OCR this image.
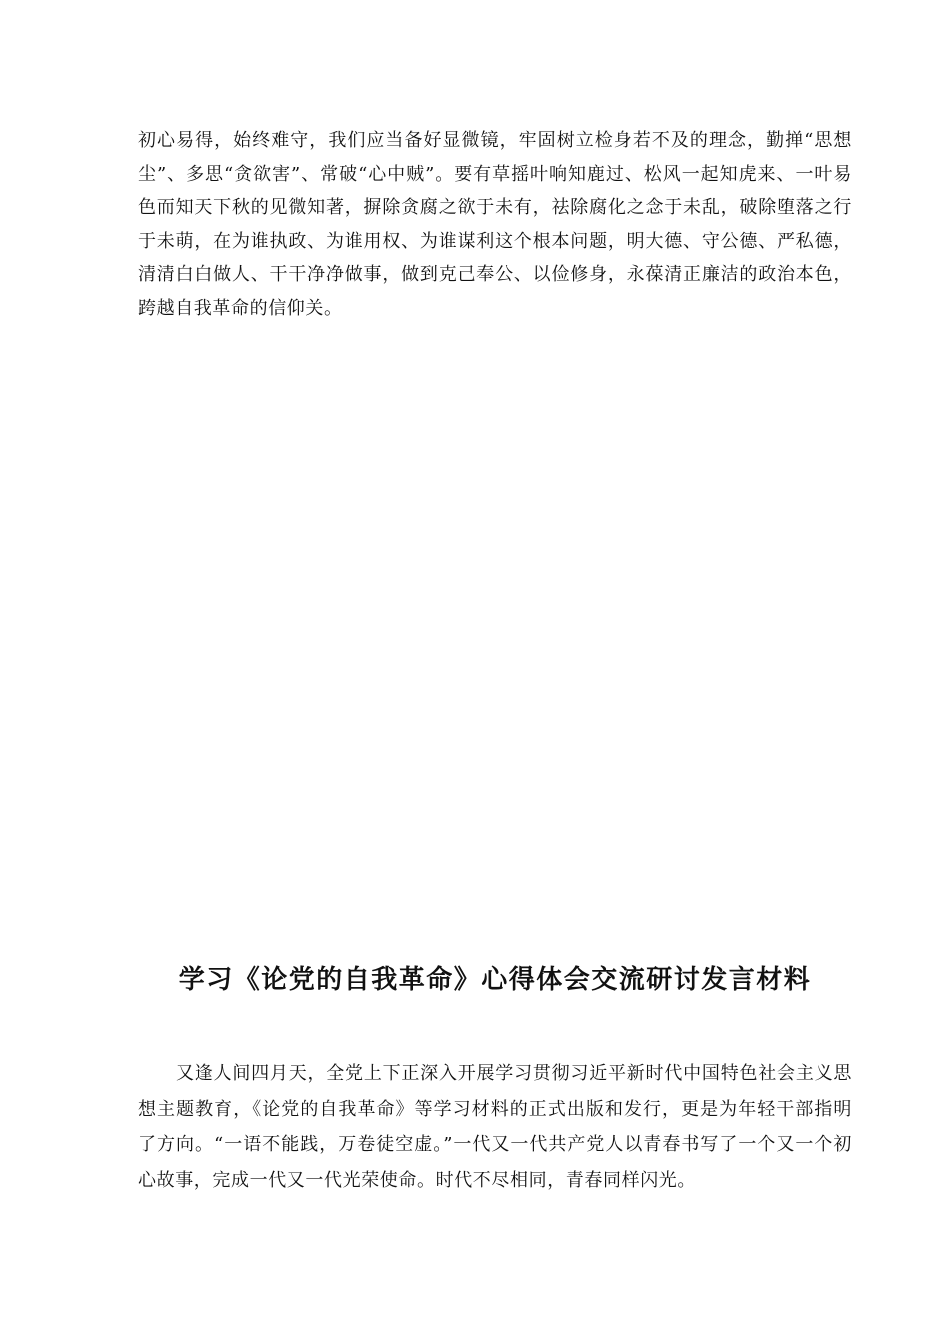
初心易得，始终难守，我们应当备好显微镜，牢固树立检身若不及的理念，勤掸“思想尘”、多思“贪欲害”、常破“心中贼”。要有草摇叶响知鹿过、松风一起知虎来、一叶易色而知天下秋的见微知著，摒除贪腐之欲于未有，祛除腐化之念于未乱，破除堕落之行于未萌，在为谁执政、为谁用权、为谁谋利这个根本问题，明大德、守公德、严私德，清清白白做人、干干净净做事，做到克己奉公、以俭修身，永葆清正廉洁的政治本色，跨越自我革命的信仰关。

学习《论党的自我革命》心得体会交流研讨发言材料

又逢人间四月天，全党上下正深入开展学习贯彻习近平新时代中国特色社会主义思想主题教育，《论党的自我革命》等学习材料的正式出版和发行，更是为年轻干部指明了方向。“一语不能践，万卷徒空虚。”一代又一代共产党人以青春书写了一个又一个初心故事，完成一代又一代光荣使命。时代不尽相同，青春同样闪光。
